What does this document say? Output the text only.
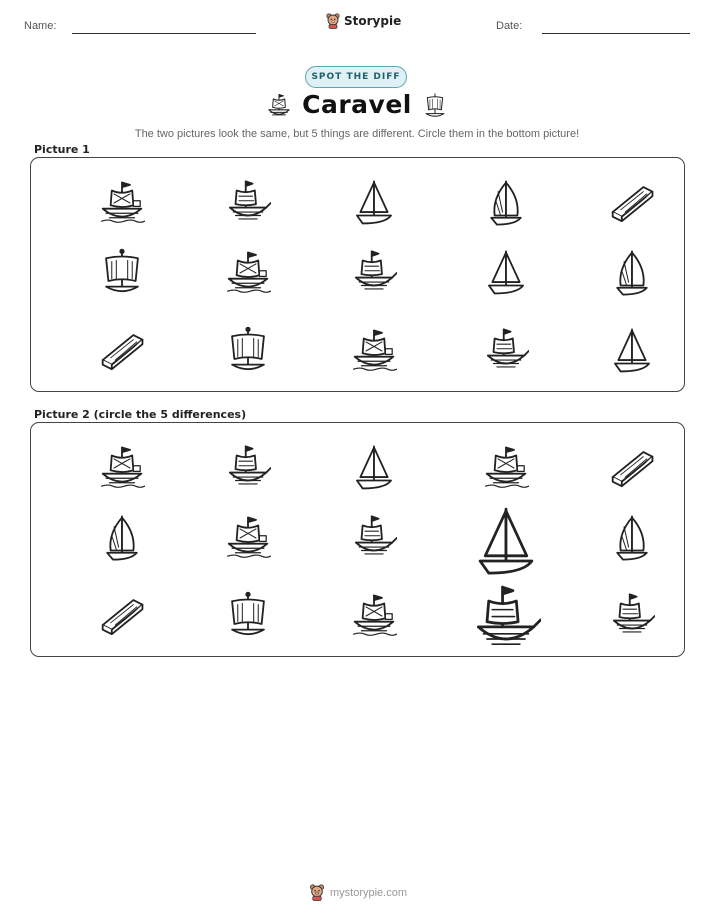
Name:	Storypie	Date:
SPOT THE DIFF
Caravel
The two pictures look the same, but 5 things are different. Circle them in the bottom picture!
Picture 1
Picture 2 (circle the 5 differences)
mystorypie.com
